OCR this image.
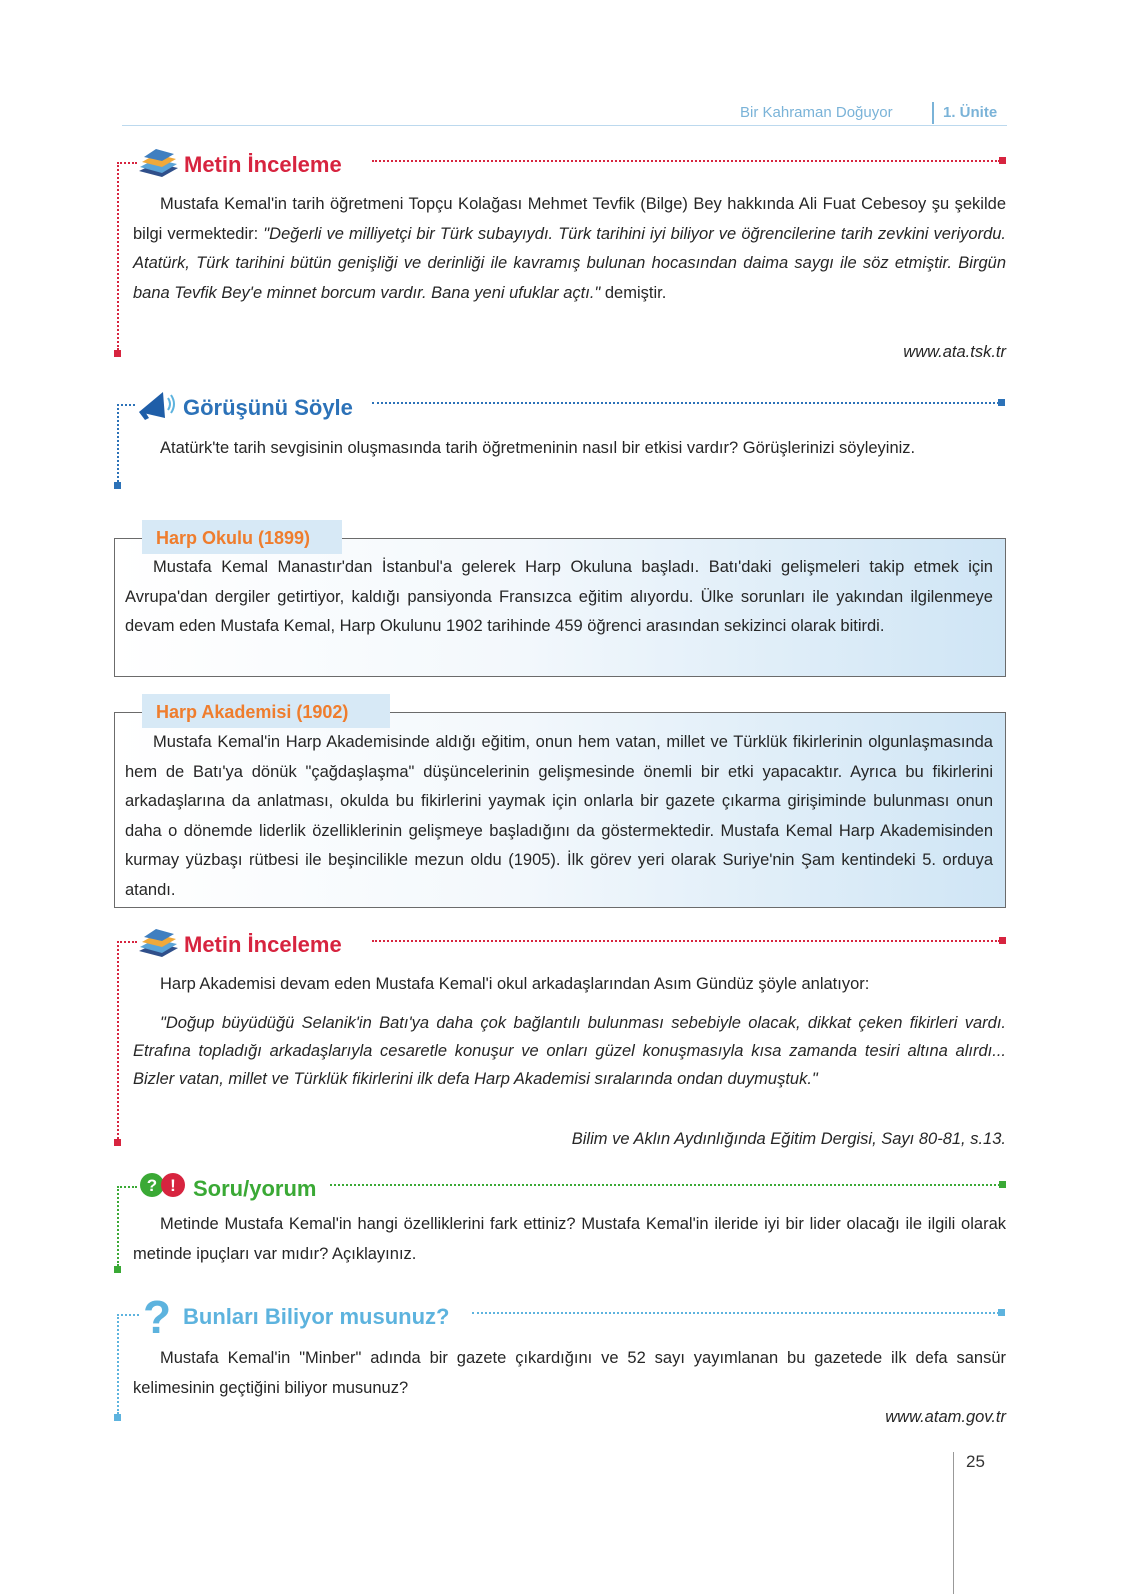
Bir Kahraman Doğuyor	1. Ünite
Metin İnceleme
Mustafa Kemal'in tarih öğretmeni Topçu Kolağası Mehmet Tevfik (Bilge) Bey hakkında Ali Fuat Cebesoy şu şekilde bilgi vermektedir: "Değerli ve milliyetçi bir Türk subayıydı. Türk tarihini iyi biliyor ve öğrencilerine tarih zevkini veriyordu. Atatürk, Türk tarihini bütün genişliği ve derinliği ile kavramış bulunan hocasından daima saygı ile söz etmiştir. Birgün bana Tevfik Bey'e minnet borcum vardır. Bana yeni ufuklar açtı." demiştir.
www.ata.tsk.tr
Görüşünü Söyle
Atatürk'te tarih sevgisinin oluşmasında tarih öğretmeninin nasıl bir etkisi vardır? Görüşlerinizi söyleyiniz.
Harp Okulu (1899)
Mustafa Kemal Manastır'dan İstanbul'a gelerek Harp Okuluna başladı. Batı'daki gelişmeleri takip etmek için Avrupa'dan dergiler getirtiyor, kaldığı pansiyonda Fransızca eğitim alıyordu. Ülke sorunları ile yakından ilgilenmeye devam eden Mustafa Kemal, Harp Okulunu 1902 tarihinde 459 öğrenci arasından sekizinci olarak bitirdi.
Harp Akademisi (1902)
Mustafa Kemal'in Harp Akademisinde aldığı eğitim, onun hem vatan, millet ve Türklük fikirlerinin olgunlaşmasında hem de Batı'ya dönük "çağdaşlaşma" düşüncelerinin gelişmesinde önemli bir etki yapacaktır. Ayrıca bu fikirlerini arkadaşlarına da anlatması, okulda bu fikirlerini yaymak için onlarla bir gazete çıkarma girişiminde bulunması onun daha o dönemde liderlik özelliklerinin gelişmeye başladığını da göstermektedir. Mustafa Kemal Harp Akademisinden kurmay yüzbaşı rütbesi ile beşincilikle mezun oldu (1905). İlk görev yeri olarak Suriye'nin Şam kentindeki 5. orduya atandı.
Metin İnceleme
Harp Akademisi devam eden Mustafa Kemal'i okul arkadaşlarından Asım Gündüz şöyle anlatıyor:
"Doğup büyüdüğü Selanik'in Batı'ya daha çok bağlantılı bulunması sebebiyle olacak, dikkat çeken fikirleri vardı. Etrafına topladığı arkadaşlarıyla cesaretle konuşur ve onları güzel konuşmasıyla kısa zamanda tesiri altına alırdı... Bizler vatan, millet ve Türklük fikirlerini ilk defa Harp Akademisi sıralarında ondan duymuştuk."
Bilim ve Aklın Aydınlığında Eğitim Dergisi, Sayı 80-81, s.13.
? ! Soru/yorum
Metinde Mustafa Kemal'in hangi özelliklerini fark ettiniz? Mustafa Kemal'in ileride iyi bir lider olacağı ile ilgili olarak metinde ipuçları var mıdır? Açıklayınız.
? Bunları Biliyor musunuz?
Mustafa Kemal'in "Minber" adında bir gazete çıkardığını ve 52 sayı yayımlanan bu gazetede ilk defa sansür kelimesinin geçtiğini biliyor musunuz?
www.atam.gov.tr
25
